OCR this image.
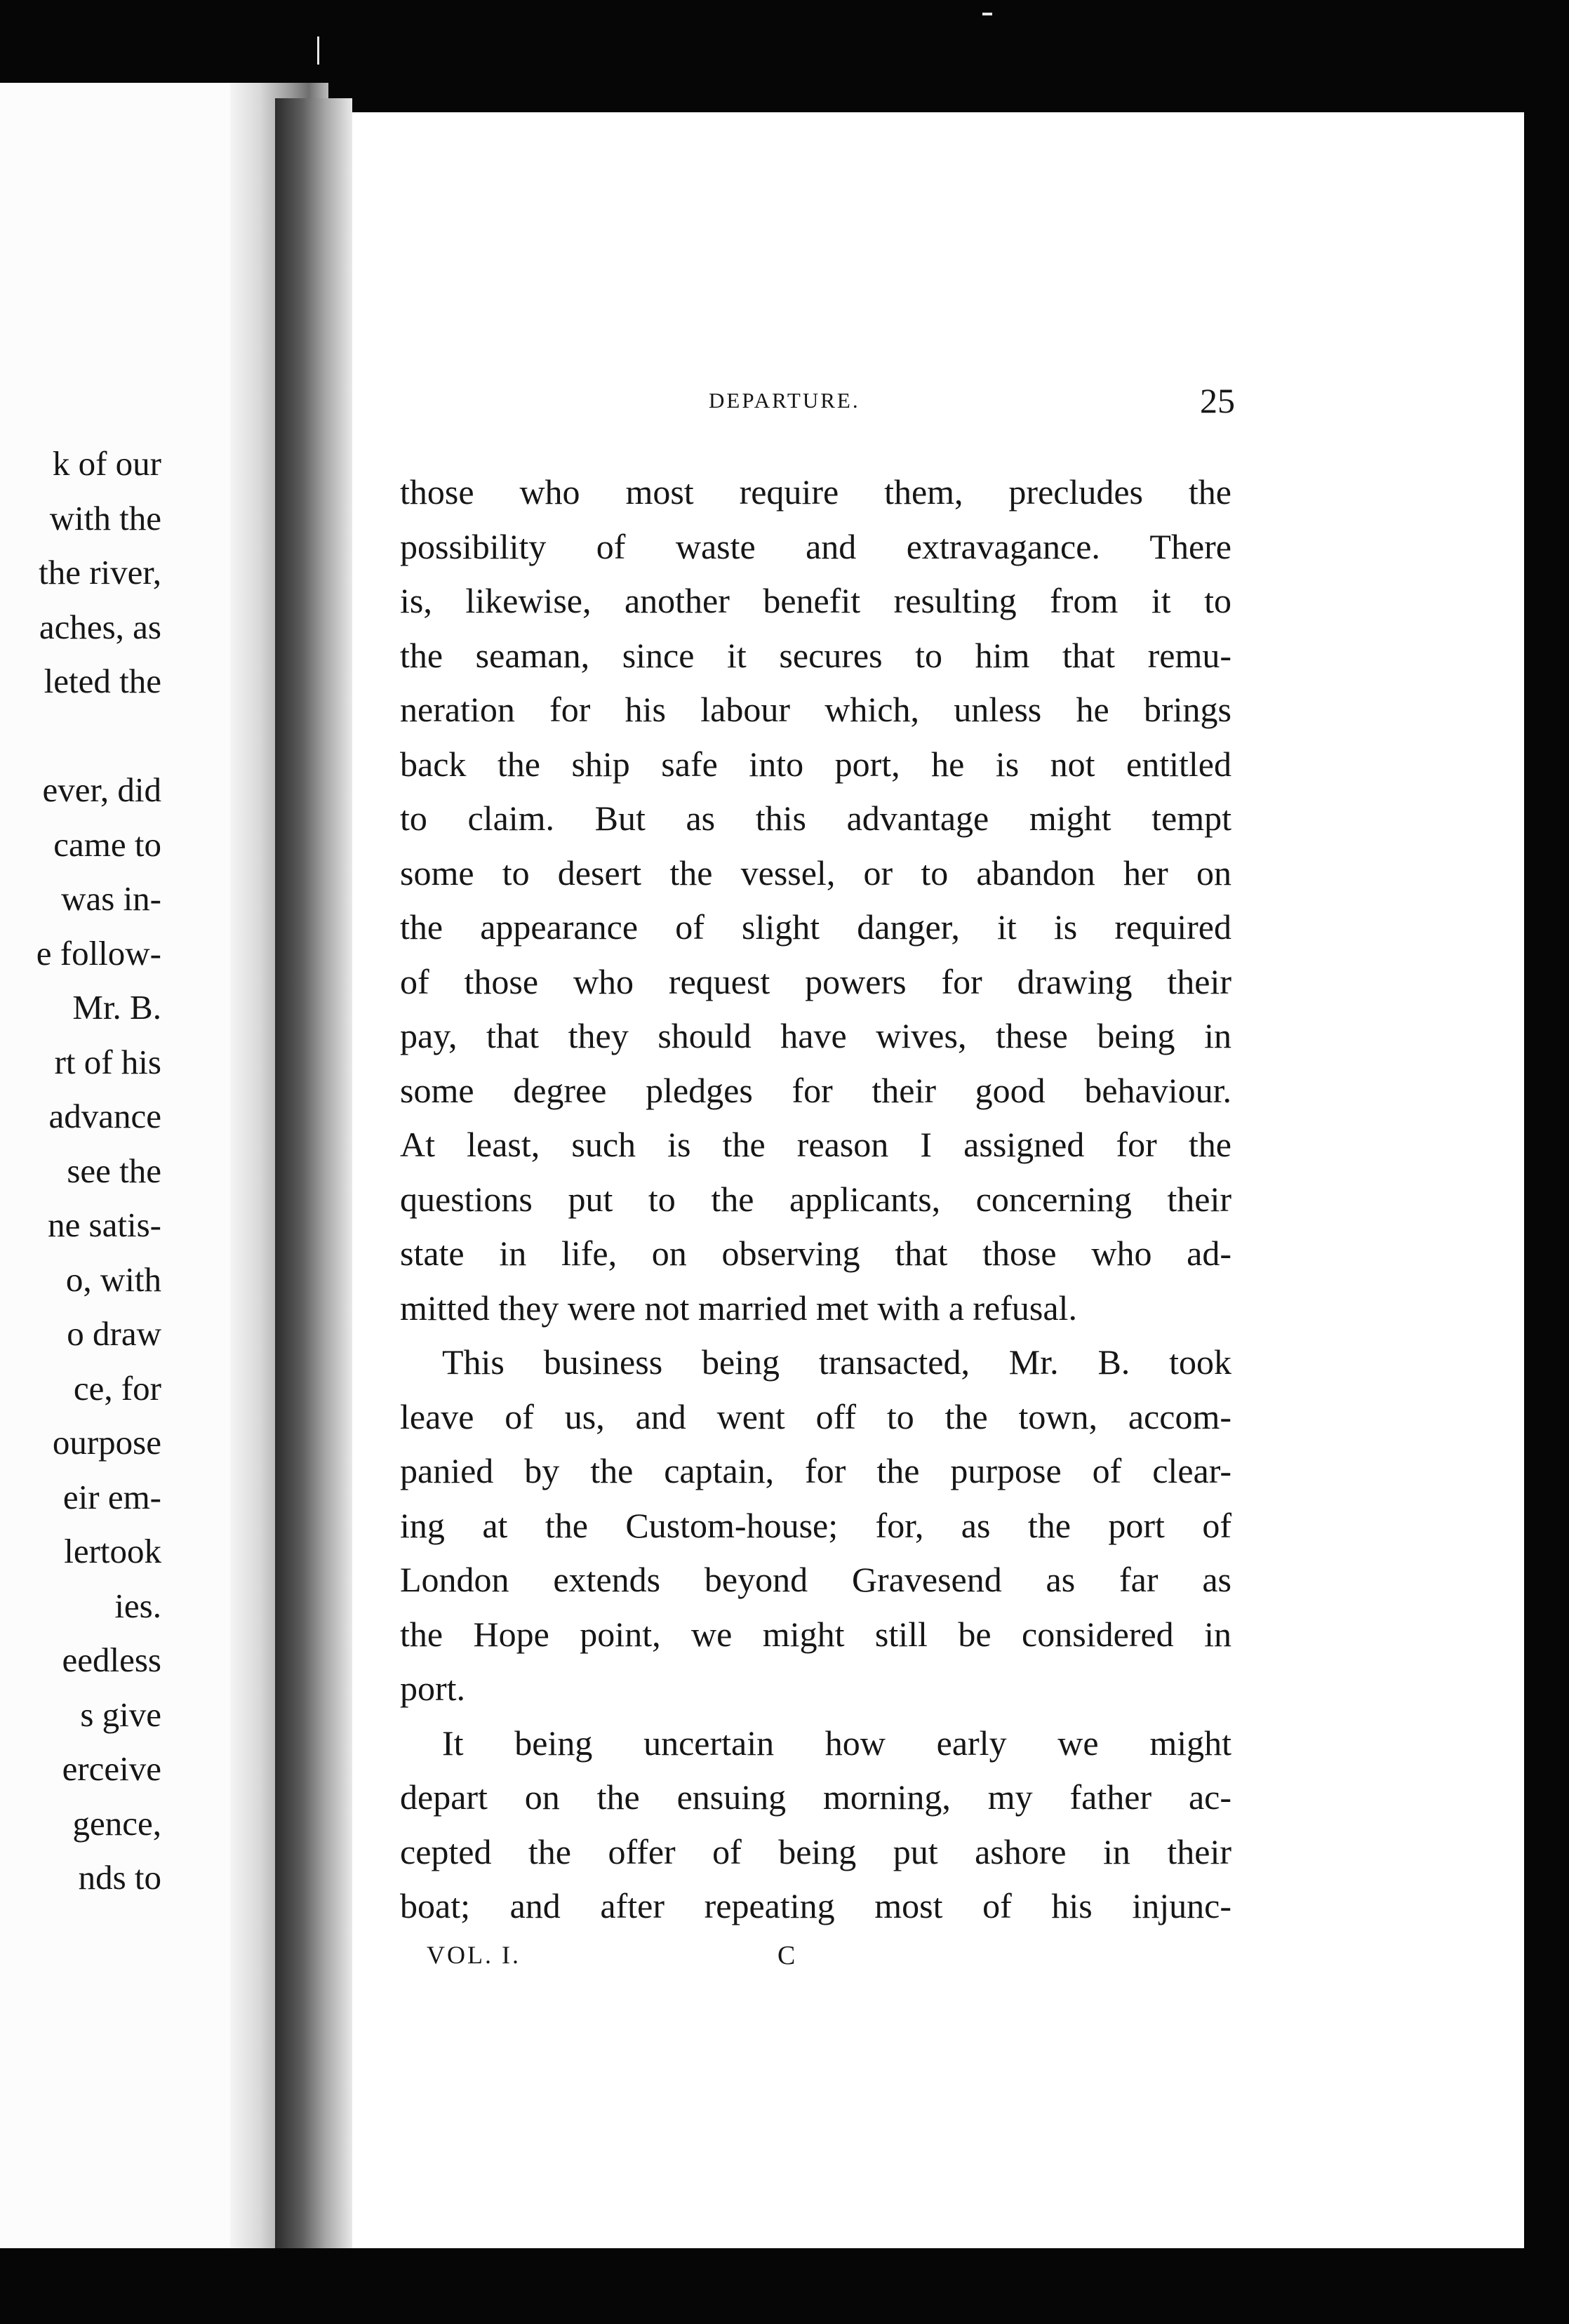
k of our
with the
the river,
aches, as
leted the
ever, did
came to
was in-
e follow-
Mr. B.
rt of his
advance
see the
ne satis-
o, with
o draw
ce, for
ourpose
eir em-
lertook
ies.
eedless
s give
erceive
gence,
nds to
DEPARTURE.	25
those who most require them, precludes the
possibility of waste and extravagance. There
is, likewise, another benefit resulting from it to
the seaman, since it secures to him that remu-
neration for his labour which, unless he brings
back the ship safe into port, he is not entitled
to claim. But as this advantage might tempt
some to desert the vessel, or to abandon her on
the appearance of slight danger, it is required
of those who request powers for drawing their
pay, that they should have wives, these being in
some degree pledges for their good behaviour.
At least, such is the reason I assigned for the
questions put to the applicants, concerning their
state in life, on observing that those who ad-
mitted they were not married met with a refusal.
This business being transacted, Mr. B. took
leave of us, and went off to the town, accom-
panied by the captain, for the purpose of clear-
ing at the Custom-house; for, as the port of
London extends beyond Gravesend as far as
the Hope point, we might still be considered in
port.
It being uncertain how early we might
depart on the ensuing morning, my father ac-
cepted the offer of being put ashore in their
boat; and after repeating most of his injunc-
VOL. I.	C
